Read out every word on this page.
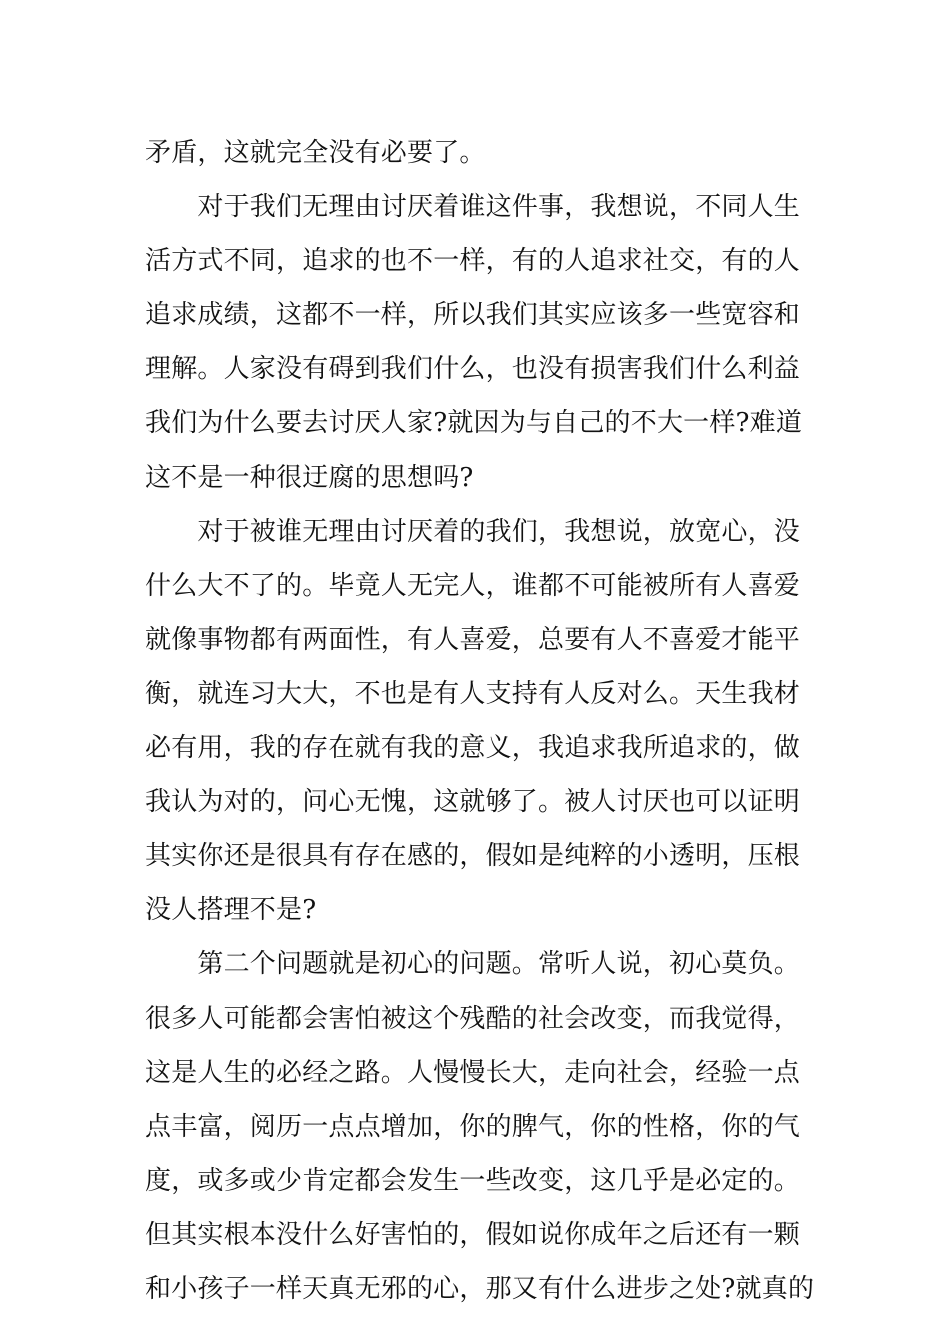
矛盾，这就完全没有必要了。
　　对于我们无理由讨厌着谁这件事，我想说，不同人生
活方式不同，追求的也不一样，有的人追求社交，有的人
追求成绩，这都不一样，所以我们其实应该多一些宽容和
理解。人家没有碍到我们什么，也没有损害我们什么利益
我们为什么要去讨厌人家?就因为与自己的不大一样?难道
这不是一种很迂腐的思想吗?
　　对于被谁无理由讨厌着的我们，我想说，放宽心，没
什么大不了的。毕竟人无完人，谁都不可能被所有人喜爱
就像事物都有两面性，有人喜爱，总要有人不喜爱才能平
衡，就连习大大，不也是有人支持有人反对么。天生我材
必有用，我的存在就有我的意义，我追求我所追求的，做
我认为对的，问心无愧，这就够了。被人讨厌也可以证明
其实你还是很具有存在感的，假如是纯粹的小透明，压根
没人搭理不是?
　　第二个问题就是初心的问题。常听人说，初心莫负。
很多人可能都会害怕被这个残酷的社会改变，而我觉得，
这是人生的必经之路。人慢慢长大，走向社会，经验一点
点丰富，阅历一点点增加，你的脾气，你的性格，你的气
度，或多或少肯定都会发生一些改变，这几乎是必定的。
但其实根本没什么好害怕的，假如说你成年之后还有一颗
和小孩子一样天真无邪的心，那又有什么进步之处?就真的
